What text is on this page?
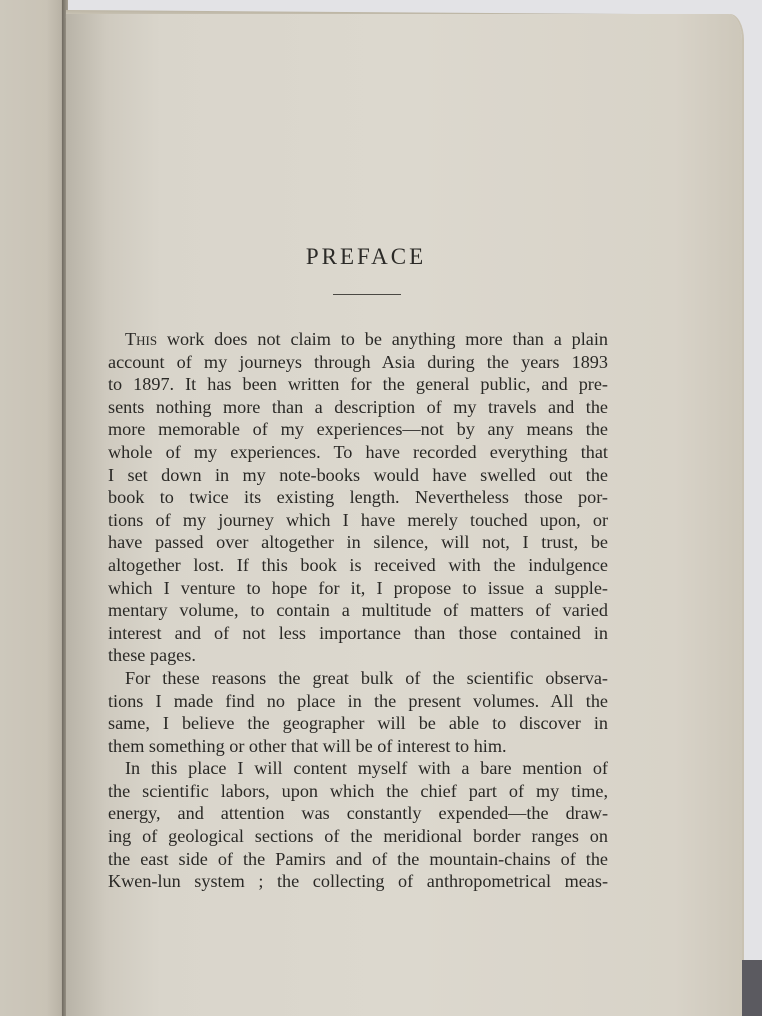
PREFACE
This work does not claim to be anything more than a plain
account of my journeys through Asia during the years 1893
to 1897. It has been written for the general public, and pre-
sents nothing more than a description of my travels and the
more memorable of my experiences—not by any means the
whole of my experiences. To have recorded everything that
I set down in my note-books would have swelled out the
book to twice its existing length. Nevertheless those por-
tions of my journey which I have merely touched upon, or
have passed over altogether in silence, will not, I trust, be
altogether lost. If this book is received with the indulgence
which I venture to hope for it, I propose to issue a supple-
mentary volume, to contain a multitude of matters of varied
interest and of not less importance than those contained in
these pages.
For these reasons the great bulk of the scientific observa-
tions I made find no place in the present volumes. All the
same, I believe the geographer will be able to discover in
them something or other that will be of interest to him.
In this place I will content myself with a bare mention of
the scientific labors, upon which the chief part of my time,
energy, and attention was constantly expended—the draw-
ing of geological sections of the meridional border ranges on
the east side of the Pamirs and of the mountain-chains of the
Kwen-lun system ; the collecting of anthropometrical meas-
